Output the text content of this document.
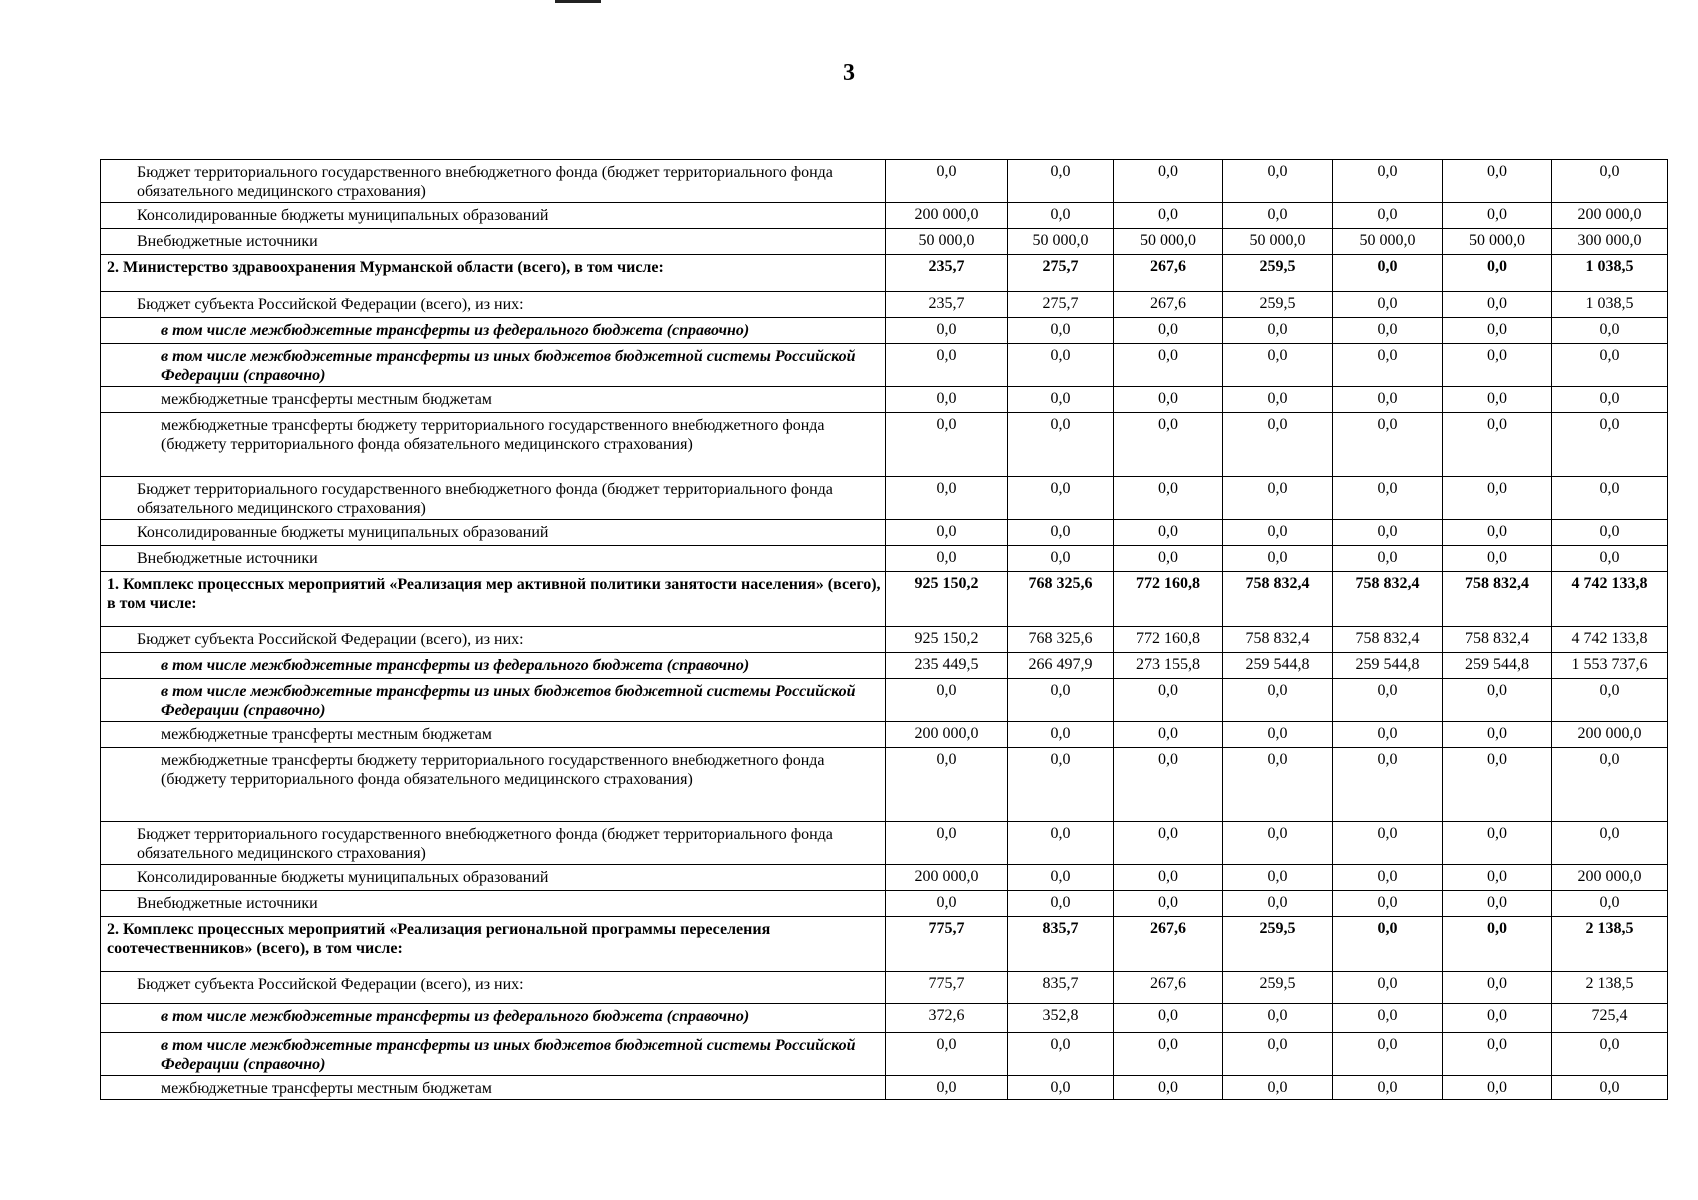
3
Бюджет территориального государственного внебюджетного фонда (бюджет территориального фонда обязательного медицинского страхования)	0,0	0,0	0,0	0,0	0,0	0,0	0,0
Консолидированные бюджеты муниципальных образований	200 000,0	0,0	0,0	0,0	0,0	0,0	200 000,0
Внебюджетные источники	50 000,0	50 000,0	50 000,0	50 000,0	50 000,0	50 000,0	300 000,0
2. Министерство здравоохранения Мурманской области (всего), в том числе:	235,7	275,7	267,6	259,5	0,0	0,0	1 038,5
Бюджет субъекта Российской Федерации (всего), из них:	235,7	275,7	267,6	259,5	0,0	0,0	1 038,5
в том числе межбюджетные трансферты из федерального бюджета (справочно)	0,0	0,0	0,0	0,0	0,0	0,0	0,0
в том числе межбюджетные трансферты из иных бюджетов бюджетной системы Российской Федерации (справочно)	0,0	0,0	0,0	0,0	0,0	0,0	0,0
межбюджетные трансферты местным бюджетам	0,0	0,0	0,0	0,0	0,0	0,0	0,0
межбюджетные трансферты бюджету территориального государственного внебюджетного фонда (бюджету территориального фонда обязательного медицинского страхования)	0,0	0,0	0,0	0,0	0,0	0,0	0,0
Бюджет территориального государственного внебюджетного фонда (бюджет территориального фонда обязательного медицинского страхования)	0,0	0,0	0,0	0,0	0,0	0,0	0,0
Консолидированные бюджеты муниципальных образований	0,0	0,0	0,0	0,0	0,0	0,0	0,0
Внебюджетные источники	0,0	0,0	0,0	0,0	0,0	0,0	0,0
1. Комплекс процессных мероприятий «Реализация мер активной политики занятости населения» (всего), в том числе:	925 150,2	768 325,6	772 160,8	758 832,4	758 832,4	758 832,4	4 742 133,8
Бюджет субъекта Российской Федерации (всего), из них:	925 150,2	768 325,6	772 160,8	758 832,4	758 832,4	758 832,4	4 742 133,8
в том числе межбюджетные трансферты из федерального бюджета (справочно)	235 449,5	266 497,9	273 155,8	259 544,8	259 544,8	259 544,8	1 553 737,6
в том числе межбюджетные трансферты из иных бюджетов бюджетной системы Российской Федерации (справочно)	0,0	0,0	0,0	0,0	0,0	0,0	0,0
межбюджетные трансферты местным бюджетам	200 000,0	0,0	0,0	0,0	0,0	0,0	200 000,0
межбюджетные трансферты бюджету территориального государственного внебюджетного фонда (бюджету территориального фонда обязательного медицинского страхования)	0,0	0,0	0,0	0,0	0,0	0,0	0,0
Бюджет территориального государственного внебюджетного фонда (бюджет территориального фонда обязательного медицинского страхования)	0,0	0,0	0,0	0,0	0,0	0,0	0,0
Консолидированные бюджеты муниципальных образований	200 000,0	0,0	0,0	0,0	0,0	0,0	200 000,0
Внебюджетные источники	0,0	0,0	0,0	0,0	0,0	0,0	0,0
2. Комплекс процессных мероприятий «Реализация региональной программы переселения соотечественников» (всего), в том числе:	775,7	835,7	267,6	259,5	0,0	0,0	2 138,5
Бюджет субъекта Российской Федерации (всего), из них:	775,7	835,7	267,6	259,5	0,0	0,0	2 138,5
в том числе межбюджетные трансферты из федерального бюджета (справочно)	372,6	352,8	0,0	0,0	0,0	0,0	725,4
в том числе межбюджетные трансферты из иных бюджетов бюджетной системы Российской Федерации (справочно)	0,0	0,0	0,0	0,0	0,0	0,0	0,0
межбюджетные трансферты местным бюджетам	0,0	0,0	0,0	0,0	0,0	0,0	0,0
